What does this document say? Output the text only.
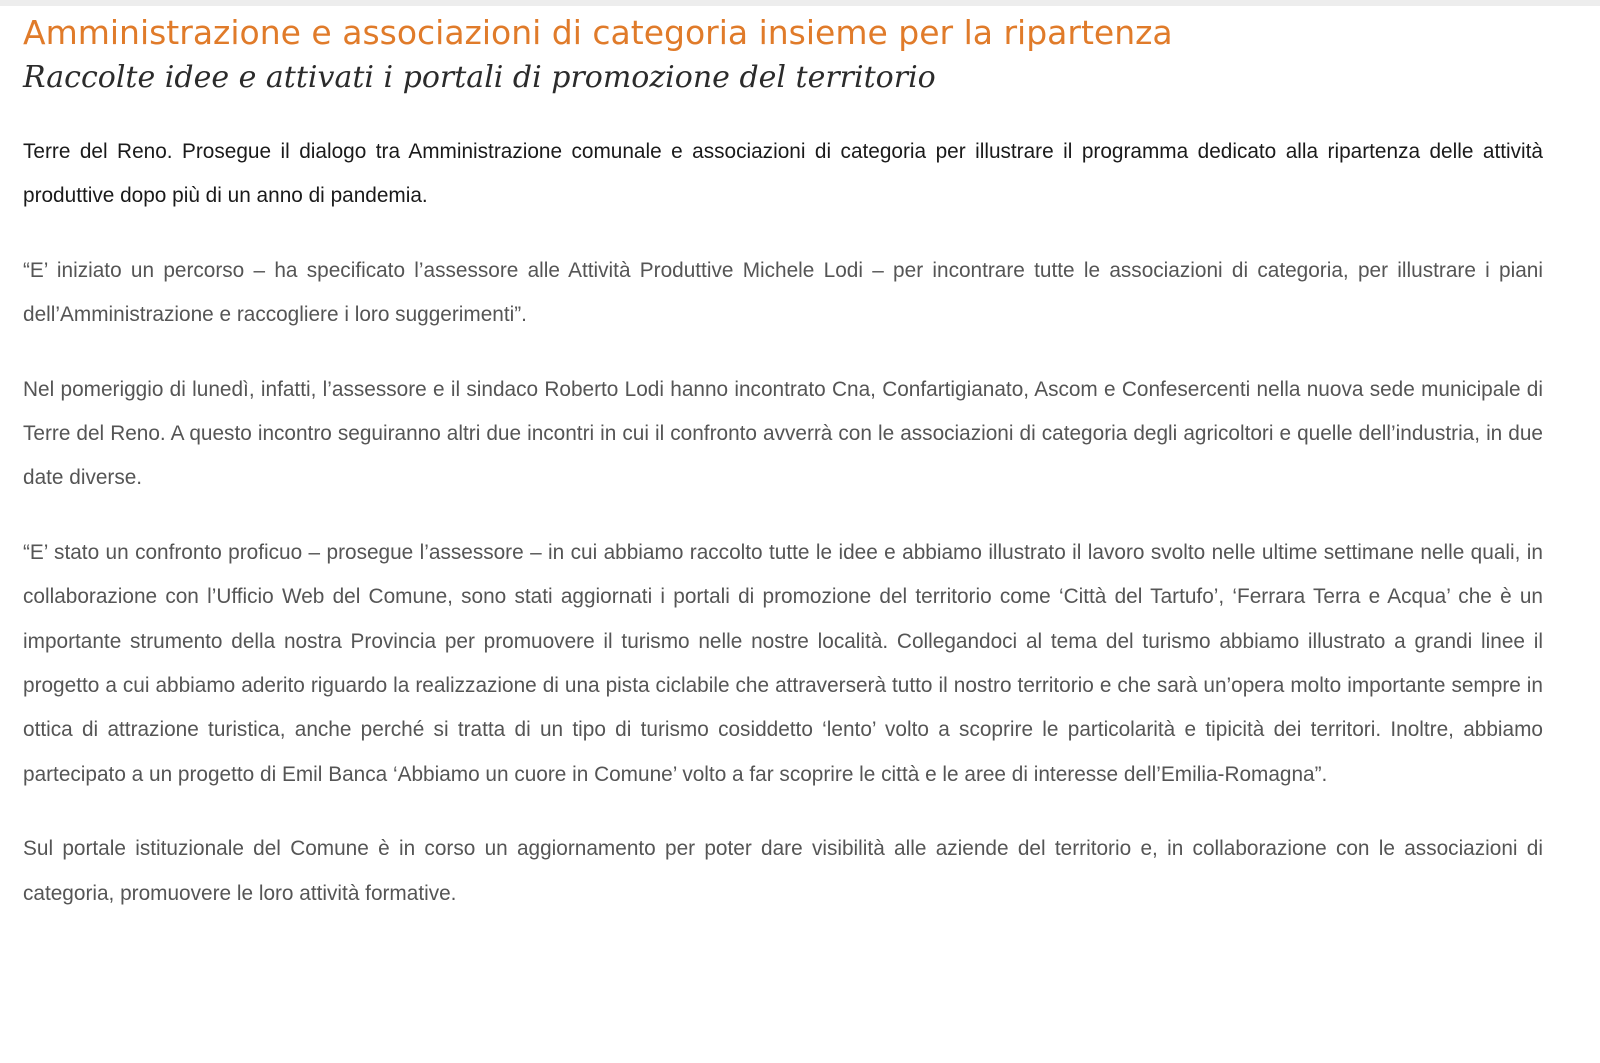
Amministrazione e associazioni di categoria insieme per la ripartenza
Raccolte idee e attivati i portali di promozione del territorio

Terre del Reno. Prosegue il dialogo tra Amministrazione comunale e associazioni di categoria per illustrare il programma dedicato alla ripartenza delle attività produttive dopo più di un anno di pandemia.

“E’ iniziato un percorso – ha specificato l’assessore alle Attività Produttive Michele Lodi – per incontrare tutte le associazioni di categoria, per illustrare i piani dell’Amministrazione e raccogliere i loro suggerimenti”.

Nel pomeriggio di lunedì, infatti, l’assessore e il sindaco Roberto Lodi hanno incontrato Cna, Confartigianato, Ascom e Confesercenti nella nuova sede municipale di Terre del Reno. A questo incontro seguiranno altri due incontri in cui il confronto avverrà con le associazioni di categoria degli agricoltori e quelle dell’industria, in due date diverse.

“E’ stato un confronto proficuo – prosegue l’assessore – in cui abbiamo raccolto tutte le idee e abbiamo illustrato il lavoro svolto nelle ultime settimane nelle quali, in collaborazione con l’Ufficio Web del Comune, sono stati aggiornati i portali di promozione del territorio come ‘Città del Tartufo’, ‘Ferrara Terra e Acqua’ che è un importante strumento della nostra Provincia per promuovere il turismo nelle nostre località. Collegandoci al tema del turismo abbiamo illustrato a grandi linee il progetto a cui abbiamo aderito riguardo la realizzazione di una pista ciclabile che attraverserà tutto il nostro territorio e che sarà un’opera molto importante sempre in ottica di attrazione turistica, anche perché si tratta di un tipo di turismo cosiddetto ‘lento’ volto a scoprire le particolarità e tipicità dei territori. Inoltre, abbiamo partecipato a un progetto di Emil Banca ‘Abbiamo un cuore in Comune’ volto a far scoprire le città e le aree di interesse dell’Emilia-Romagna”.

Sul portale istituzionale del Comune è in corso un aggiornamento per poter dare visibilità alle aziende del territorio e, in collaborazione con le associazioni di categoria, promuovere le loro attività formative.
